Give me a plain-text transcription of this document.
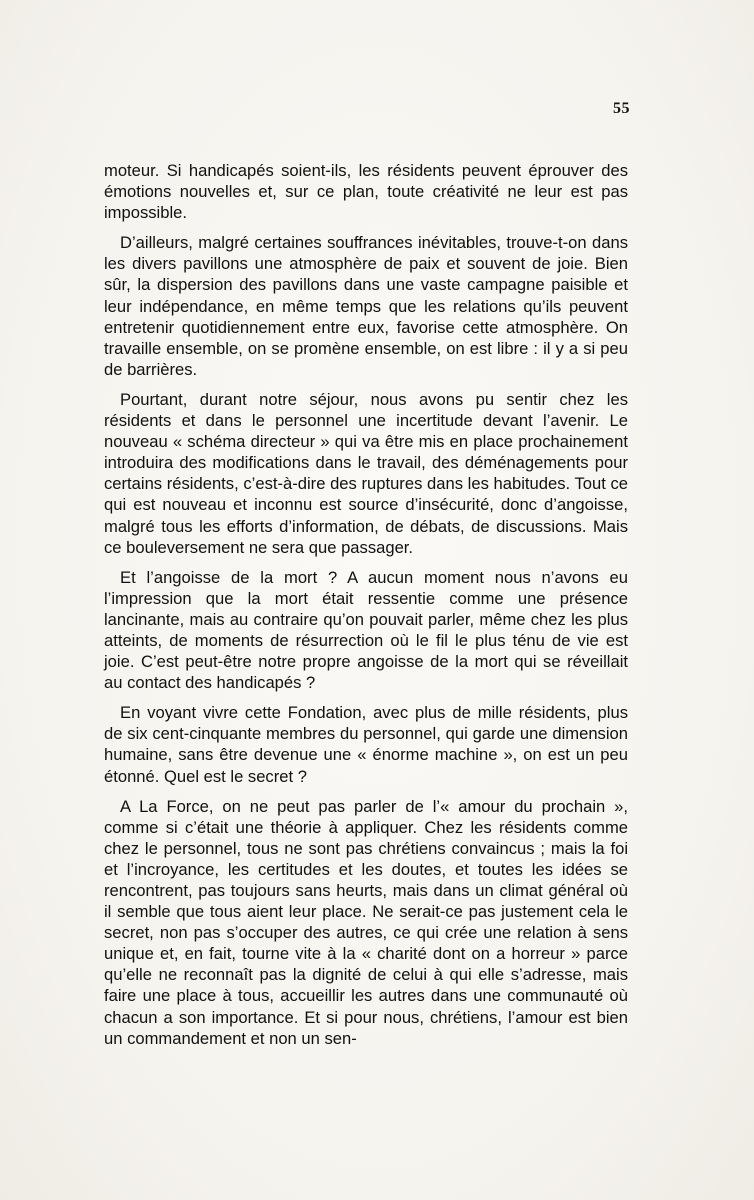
55

moteur. Si handicapés soient-ils, les résidents peuvent éprouver des émotions nouvelles et, sur ce plan, toute créativité ne leur est pas impossible.

D’ailleurs, malgré certaines souffrances inévitables, trouve-t-on dans les divers pavillons une atmosphère de paix et souvent de joie. Bien sûr, la dispersion des pavillons dans une vaste campagne paisible et leur indépendance, en même temps que les relations qu’ils peuvent entretenir quotidiennement entre eux, favorise cette atmosphère. On travaille ensemble, on se promène ensemble, on est libre : il y a si peu de barrières.

Pourtant, durant notre séjour, nous avons pu sentir chez les résidents et dans le personnel une incertitude devant l’avenir. Le nouveau « schéma directeur » qui va être mis en place prochainement introduira des modifications dans le travail, des déménagements pour certains résidents, c’est-à-dire des ruptures dans les habitudes. Tout ce qui est nouveau et inconnu est source d’insécurité, donc d’angoisse, malgré tous les efforts d’information, de débats, de discussions. Mais ce bouleversement ne sera que passager.

Et l’angoisse de la mort ? A aucun moment nous n’avons eu l’impression que la mort était ressentie comme une présence lancinante, mais au contraire qu’on pouvait parler, même chez les plus atteints, de moments de résurrection où le fil le plus ténu de vie est joie. C’est peut-être notre propre angoisse de la mort qui se réveillait au contact des handicapés ?

En voyant vivre cette Fondation, avec plus de mille résidents, plus de six cent-cinquante membres du personnel, qui garde une dimension humaine, sans être devenue une « énorme machine », on est un peu étonné. Quel est le secret ?

A La Force, on ne peut pas parler de l’« amour du prochain », comme si c’était une théorie à appliquer. Chez les résidents comme chez le personnel, tous ne sont pas chrétiens convaincus ; mais la foi et l’incroyance, les certitudes et les doutes, et toutes les idées se rencontrent, pas toujours sans heurts, mais dans un climat général où il semble que tous aient leur place. Ne serait-ce pas justement cela le secret, non pas s’occuper des autres, ce qui crée une relation à sens unique et, en fait, tourne vite à la « charité dont on a horreur » parce qu’elle ne reconnaît pas la dignité de celui à qui elle s’adresse, mais faire une place à tous, accueillir les autres dans une communauté où chacun a son importance. Et si pour nous, chrétiens, l’amour est bien un commandement et non un sen-
